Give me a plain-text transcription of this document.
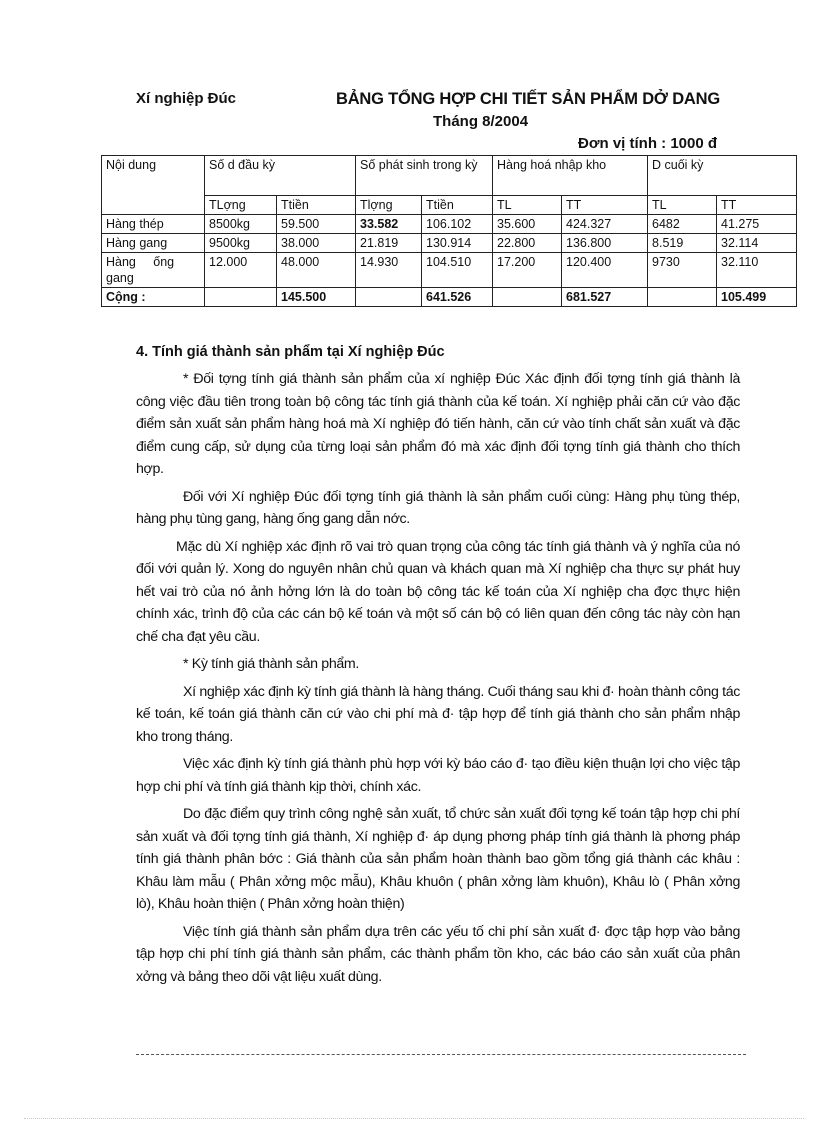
Xí nghiệp Đúc	BẢNG TỔNG HỢP CHI TIẾT SẢN PHẨM DỞ DANG
Tháng 8/2004
Đơn vị tính : 1000 đ
Nội dung	Số d đầu kỳ		Số phát sinh trong kỳ		Hàng hoá nhập kho		D cuối kỳ	
	TLợng	Ttiền	Tlợng	Ttiền	TL	TT	TL	TT
Hàng thép	8500kg	59.500	33.582	106.102	35.600	424.327	6482	41.275
Hàng gang	9500kg	38.000	21.819	130.914	22.800	136.800	8.519	32.114
Hàng     ống gang	12.000	48.000	14.930	104.510	17.200	120.400	9730	32.110
Cộng :		145.500		641.526		681.527		105.499
4. Tính giá thành sản phẩm tại Xí nghiệp Đúc

* Đối tợng tính giá thành sản phẩm của xí nghiệp Đúc Xác định đối tợng tính giá thành là công việc đầu tiên trong toàn bộ công tác tính giá thành của kế toán. Xí nghiệp phải căn cứ vào đặc điểm sản xuất sản phẩm hàng hoá mà Xí nghiệp đó tiến hành, căn cứ vào tính chất sản xuất và đặc điểm cung cấp, sử dụng của từng loại sản phẩm đó mà xác định đối tợng tính giá thành cho thích hợp.

Đối với Xí nghiệp Đúc đối tợng tính giá thành là sản phẩm cuối cùng: Hàng phụ tùng thép, hàng phụ tùng gang, hàng ống gang dẫn nớc.

Mặc dù Xí nghiệp xác định rõ vai trò quan trọng của công tác tính giá thành và ý nghĩa của nó đối với quản lý. Xong do nguyên nhân chủ quan và khách quan mà Xí nghiệp cha thực sự phát huy hết vai trò của nó ảnh hởng lớn là do toàn bộ công tác kế toán của Xí nghiệp cha đợc thực hiện chính xác, trình độ của các cán bộ kế toán và một số cán bộ có liên quan đến công tác này còn hạn chế cha đạt yêu cầu.

* Kỳ tính giá thành sản phẩm.

Xí nghiệp xác định kỳ tính giá thành là hàng tháng. Cuối tháng sau khi đ· hoàn thành công tác kế toán, kế toán giá thành căn cứ vào chi phí mà đ· tập hợp để tính giá thành cho sản phẩm nhập kho trong tháng.

Việc xác định kỳ tính giá thành phù hợp với kỳ báo cáo đ· tạo điều kiện thuận lợi cho việc tập hợp chi phí và tính giá thành kịp thời, chính xác.

Do đặc điểm quy trình công nghệ sản xuất, tổ chức sản xuất đối tợng kế toán tập hợp chi phí sản xuất và đối tợng tính giá thành, Xí nghiệp đ· áp dụng phơng pháp tính giá thành là phơng pháp tính giá thành phân bớc : Giá thành của sản phẩm hoàn thành bao gồm tổng giá thành các khâu : Khâu làm mẫu ( Phân xởng mộc mẫu), Khâu khuôn ( phân xởng làm khuôn), Khâu lò ( Phân xởng lò), Khâu hoàn thiện ( Phân xởng hoàn thiện)

Việc tính giá thành sản phẩm dựa trên các yếu tố chi phí sản xuất đ· đợc tập hợp vào bảng tập hợp chi phí tính giá thành sản phẩm, các thành phẩm tồn kho, các báo cáo sản xuất của phân xởng và bảng theo dõi vật liệu xuất dùng.
